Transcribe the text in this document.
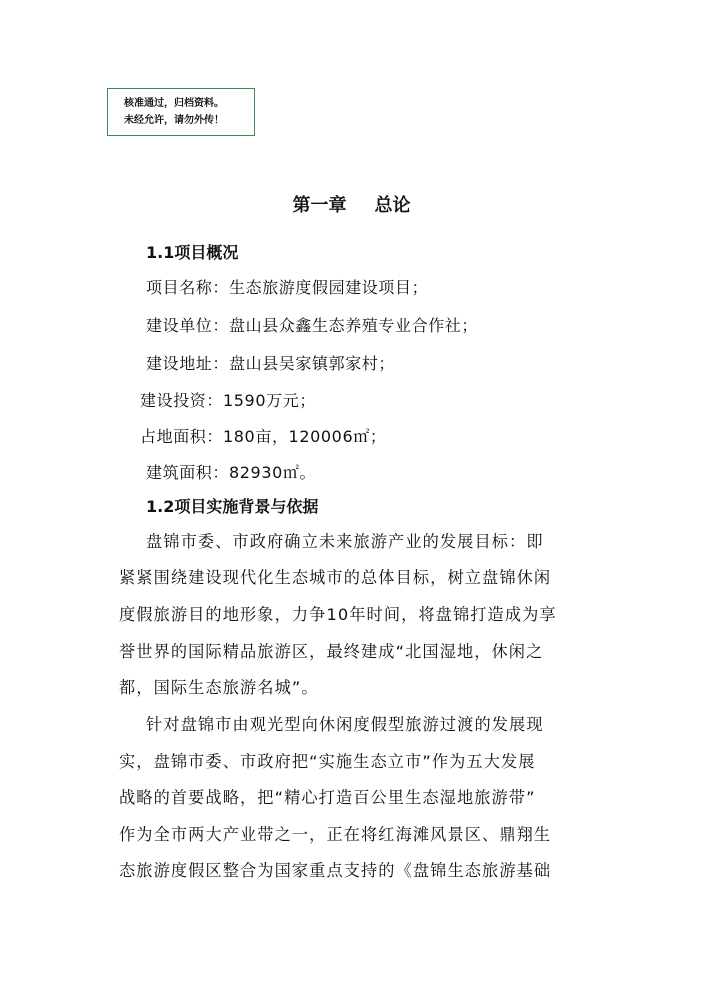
核准通过，归档资料。
未经允许，请勿外传！
第一章 总论
1.1项目概况
项目名称：生态旅游度假园建设项目；
建设单位：盘山县众鑫生态养殖专业合作社；
建设地址：盘山县吴家镇郭家村；
建设投资：1590万元；
占地面积：180亩，120006㎡；
建筑面积：82930㎡。
1.2项目实施背景与依据
盘锦市委、市政府确立未来旅游产业的发展目标：即
紧紧围绕建设现代化生态城市的总体目标，树立盘锦休闲
度假旅游目的地形象，力争10年时间，将盘锦打造成为享
誉世界的国际精品旅游区，最终建成“北国湿地，休闲之
都，国际生态旅游名城”。
针对盘锦市由观光型向休闲度假型旅游过渡的发展现
实，盘锦市委、市政府把“实施生态立市”作为五大发展
战略的首要战略，把“精心打造百公里生态湿地旅游带”
作为全市两大产业带之一，正在将红海滩风景区、鼎翔生
态旅游度假区整合为国家重点支持的《盘锦生态旅游基础
